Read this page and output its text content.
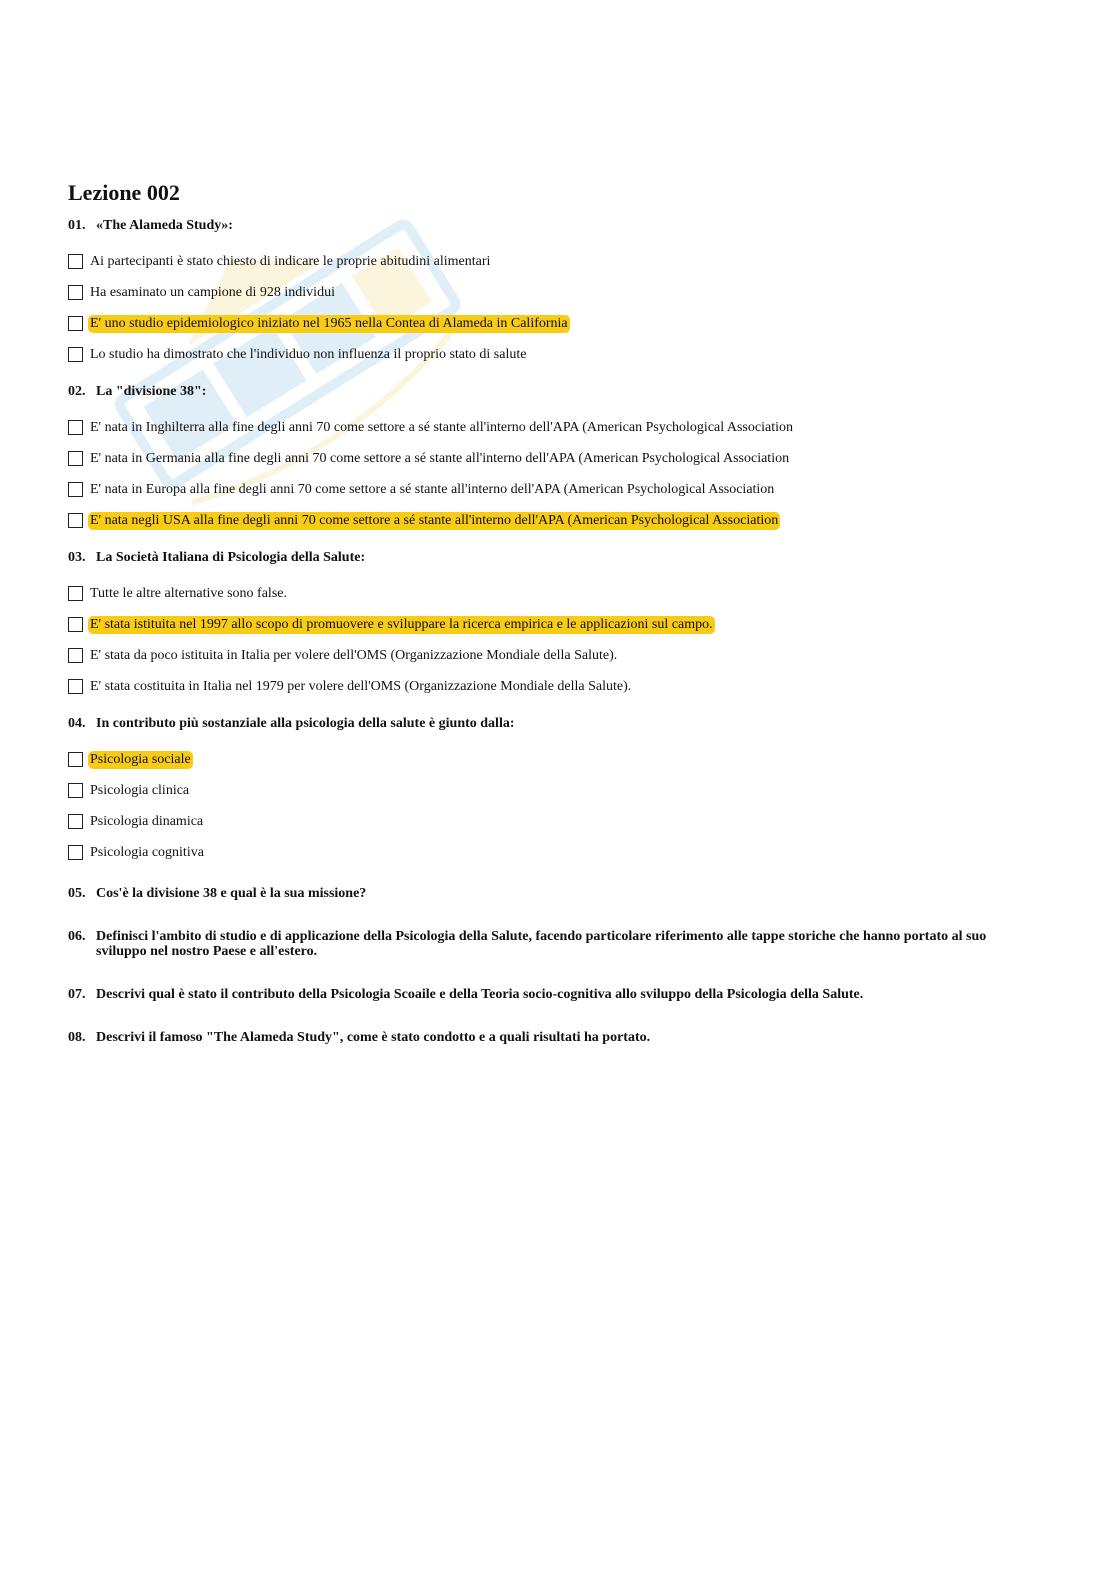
Lezione 002
01. «The Alameda Study»:
Ai partecipanti è stato chiesto di indicare le proprie abitudini alimentari
Ha esaminato un campione di 928 individui
E' uno studio epidemiologico iniziato nel 1965 nella Contea di Alameda in California
Lo studio ha dimostrato che l'individuo non influenza il proprio stato di salute
02. La "divisione 38":
E' nata in Inghilterra alla fine degli anni 70 come settore a sé stante all'interno dell'APA (American Psychological Association
E' nata in Germania alla fine degli anni 70 come settore a sé stante all'interno dell'APA (American Psychological Association
E' nata in Europa alla fine degli anni 70 come settore a sé stante all'interno dell'APA (American Psychological Association
E' nata negli USA alla fine degli anni 70 come settore a sé stante all'interno dell'APA (American Psychological Association
03. La Società Italiana di Psicologia della Salute:
Tutte le altre alternative sono false.
E' stata istituita nel 1997 allo scopo di promuovere e sviluppare la ricerca empirica e le applicazioni sul campo.
E' stata da poco istituita in Italia per volere dell'OMS (Organizzazione Mondiale della Salute).
E' stata costituita in Italia nel 1979 per volere dell'OMS (Organizzazione Mondiale della Salute).
04. In contributo più sostanziale alla psicologia della salute è giunto dalla:
Psicologia sociale
Psicologia clinica
Psicologia dinamica
Psicologia cognitiva
05. Cos'è la divisione 38 e qual è la sua missione?
06. Definisci l'ambito di studio e di applicazione della Psicologia della Salute, facendo particolare riferimento alle tappe storiche che hanno portato al suo sviluppo nel nostro Paese e all'estero.
07. Descrivi qual è stato il contributo della Psicologia Scoaile e della Teoria socio-cognitiva allo sviluppo della Psicologia della Salute.
08. Descrivi il famoso "The Alameda Study", come è stato condotto e a quali risultati ha portato.
